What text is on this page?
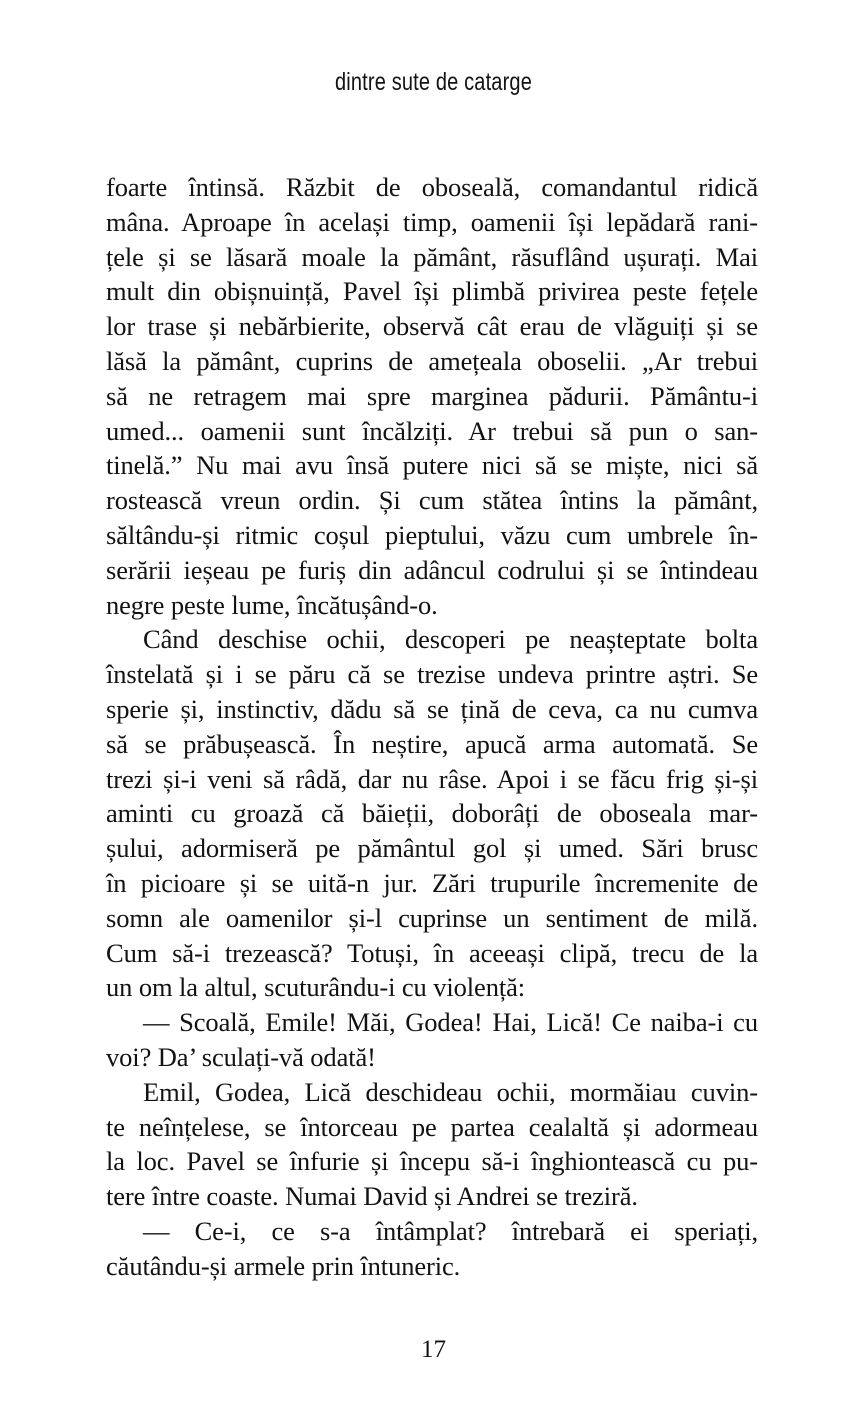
dintre sute de catarge
foarte întinsă. Răzbit de oboseală, comandantul ridică
mâna. Aproape în același timp, oamenii își lepădară rani-
țele și se lăsară moale la pământ, răsuflând ușurați. Mai
mult din obișnuință, Pavel își plimbă privirea peste fețele
lor trase și nebărbierite, observă cât erau de vlăguiți și se
lăsă la pământ, cuprins de amețeala oboselii. „Ar trebui
să ne retragem mai spre marginea pădurii. Pământu-i
umed... oamenii sunt încălziți. Ar trebui să pun o san-
tinelă.” Nu mai avu însă putere nici să se miște, nici să
rostească vreun ordin. Și cum stătea întins la pământ,
săltându-și ritmic coșul pieptului, văzu cum umbrele în-
serării ieșeau pe furiș din adâncul codrului și se întindeau
negre peste lume, încătușând-o.
Când deschise ochii, descoperi pe neașteptate bolta
înstelată și i se păru că se trezise undeva printre aștri. Se
sperie și, instinctiv, dădu să se țină de ceva, ca nu cumva
să se prăbușească. În neștire, apucă arma automată. Se
trezi și-i veni să râdă, dar nu râse. Apoi i se făcu frig și-și
aminti cu groază că băieții, doborâți de oboseala mar-
șului, adormiseră pe pământul gol și umed. Sări brusc
în picioare și se uită-n jur. Zări trupurile încremenite de
somn ale oamenilor și-l cuprinse un sentiment de milă.
Cum să-i trezească? Totuși, în aceeași clipă, trecu de la
un om la altul, scuturându-i cu violență:
— Scoală, Emile! Măi, Godea! Hai, Lică! Ce naiba-i cu
voi? Da’ sculați-vă odată!
Emil, Godea, Lică deschideau ochii, mormăiau cuvin-
te neînțelese, se întorceau pe partea cealaltă și adormeau
la loc. Pavel se înfurie și începu să-i înghiontească cu pu-
tere între coaste. Numai David și Andrei se treziră.
— Ce-i, ce s-a întâmplat? întrebară ei speriați,
căutându-și armele prin întuneric.
17
